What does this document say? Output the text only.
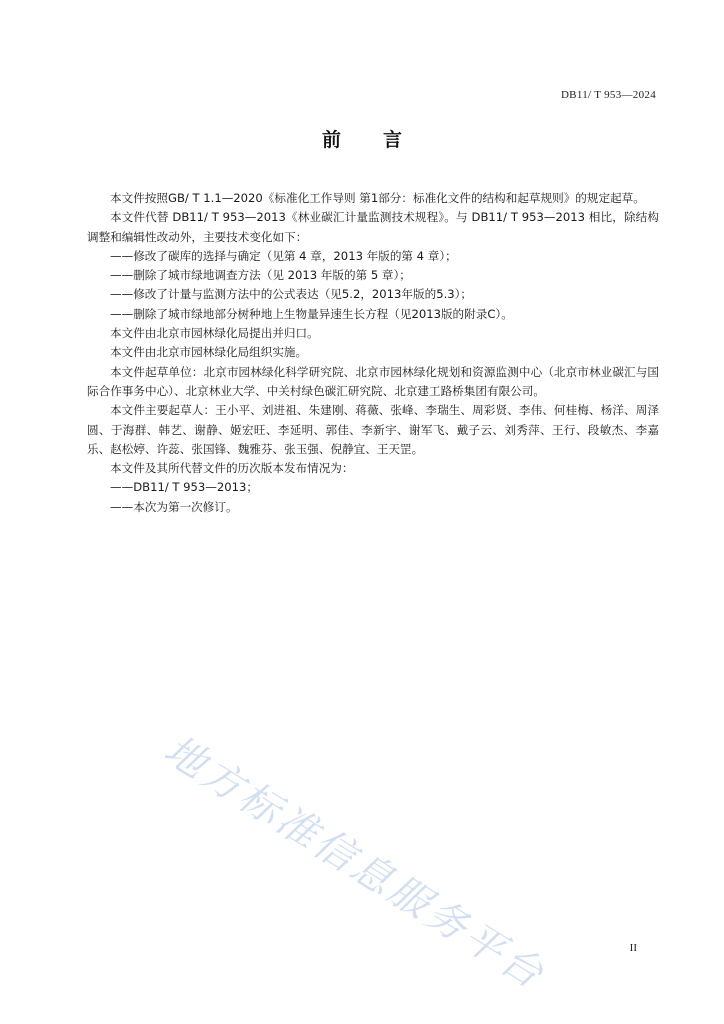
DB11/ T 953—2024
前言

本文件按照GB/ T 1.1—2020《标准化工作导则 第1部分：标准化文件的结构和起草规则》的规定起草。

本文件代替 DB11/ T 953—2013《林业碳汇计量监测技术规程》。与 DB11/ T 953—2013 相比，除结构调整和编辑性改动外，主要技术变化如下：

——修改了碳库的选择与确定（见第 4 章，2013 年版的第 4 章）；

——删除了城市绿地调查方法（见 2013 年版的第 5 章）；

——修改了计量与监测方法中的公式表达（见5.2，2013年版的5.3）；

——删除了城市绿地部分树种地上生物量异速生长方程（见2013版的附录C）。

本文件由北京市园林绿化局提出并归口。

本文件由北京市园林绿化局组织实施。

本文件起草单位：北京市园林绿化科学研究院、北京市园林绿化规划和资源监测中心（北京市林业碳汇与国际合作事务中心）、北京林业大学、中关村绿色碳汇研究院、北京建工路桥集团有限公司。

本文件主要起草人：王小平、刘进祖、朱建刚、蒋薇、张峰、李瑞生、周彩贤、李伟、何桂梅、杨洋、周泽圆、于海群、韩艺、谢静、姬宏旺、李延明、郭佳、李新宇、谢军飞、戴子云、刘秀萍、王行、段敏杰、李嘉乐、赵松婷、许蕊、张国锋、魏雅芬、张玉强、倪静宜、王天罡。

本文件及其所代替文件的历次版本发布情况为：

——DB11/ T 953—2013；

——本次为第一次修订。

地方标准信息服务平台	II
